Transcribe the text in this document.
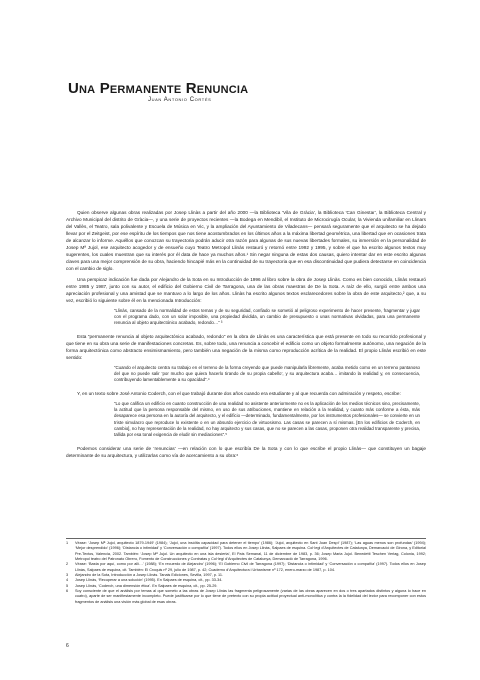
Una Permanente Renuncia

Juan Antonio Cortés

Quien observe algunas obras realizadas por Josep Llinàs a partir del año 2000 —la Biblioteca 'Vila de Gràcia', la Biblioteca 'Can Ginestar', la Biblioteca Central y Archivo Municipal del distrito de Gràcia—, y una serie de proyectos recientes —la Bodega en Mendibil, el Instituto de Microcirugía Ocular, la Vivienda unifamiliar en Llinars del Vallès, el Teatro, sala polivalente y Escuela de Música en Vic, y la ampliación del Ayuntamiento de Viladecans— pensará seguramente que el arquitecto se ha dejado llevar por el Zeitgeist, por ese espíritu de los tiempos que nos tiene acostumbrados en los últimos años a la máxima libertad geométrica, una libertad que en ocasiones trata de alcanzar lo informe. Aquéllos que conozcan su trayectoria podrán aducir otra razón para algunas de sus nuevas libertades formales, su inmersión en la personalidad de Josep Mª Jujol, ese arquitecto acogedor y de ensueño cuyo Teatro Metropol Llinàs restauró y retornó entre 1992 y 1995, y sobre el que ha escrito algunos textos muy sugerentes, los cuales muestran que su interés por él data de hace ya muchos años.¹ Sin negar ninguna de estas dos causas, quiero intentar dar en este escrito algunas claves para una mejor comprensión de su obra, haciendo hincapié más en la continuidad de su trayectoria que en esa discontinuidad que pudiera detectarse en coincidencia con el cambio de siglo.

Una perspicaz indicación fue dada por Alejandro de la Sota en su Introducción de 1996 al libro sobre la obra de Josep Llinàs. Como es bien conocido, Llinàs restauró entre 1985 y 1987, junto con su autor, el edificio del Gobierno Civil de Tarragona, una de las obras maestras de De la Sota. A raíz de ello, surgió entre ambos una apreciación profesional y una amistad que se mantuvo a lo largo de los años. Llinàs ha escrito algunos textos esclarecedores sobre la obra de este arquitecto,² que, a su vez, escribió lo siguiente sobre él en la mencionada Introducción:

“Llinàs, cansado de la normalidad de estos temas y de su seguridad, confiado se sometió al peligroso experimento de hacer presente, fragmentar y jugar con el programa dado, con un solar imposible, una propiedad dividida, un cambio de presupuesto o unas normativas olvidadas, para una permanente renuncia al objeto arquitectónico acabado, redondo…” ³

Esta “permanente renuncia al objeto arquitectónico acabado, redondo” en la obra de Llinàs es una característica que está presente en todo su recorrido profesional y que tiene en su obra una serie de manifestaciones concretas. Es, sobre todo, una renuncia a concebir el edificio como un objeto formalmente autónomo, una negación de la forma arquitectónica como abstracto ensimismamiento, pero también una negación de la misma como reproducción acrítica de la realidad. El propio Llinàs escribió en este sentido:

“Cuando el arquitecto centra su trabajo en el terreno de la forma creyendo que puede manipularla libremente, acaba metido como en un terreno pantanoso del que no puede salir ‘por mucho que quiera hacerlo tirando de su propia cabello’, y su arquitectura acaba… imitando la realidad y, en consecuencia, contribuyendo lamentablemente a su opacidad”.⁴

Y, en un texto sobre José Antonio Coderch, con el que trabajó durante dos años cuando era estudiante y al que recuerda con admiración y respeto, escribe:

“Lo que califica un edificio en cuanto construcción de una realidad no asistente anteriormente no es la aplicación de los medios técnicos sino, precisamente, la actitud que la persona responsable del mismo, en uso de sus atribuciones, mantiene en relación a la realidad, y cuanto más conforme a ésta, más desaparece esa persona en la autoría del arquitecto, y el edificio —determinado, fundamentalmente, por los instrumentos profesionales— se convierte en un triste simulacro que reproduce lo existente o en un absurdo ejercicio de virtuosismo. Las casas se parecen a sí mismas. [En los edificios de Coderch, en cambio], no hay representación de la realidad, no hay arquitecto y sus casas, que no se parecen a las casas, proponen otra realidad transparente y precisa, tallida por esa tonal exigencia de eludir sin mediaciones”.⁵

Podemos considerar una serie de ‘renuncias’ —en relación con lo que escribía De la Sota y con lo que escribe el propio Llinàs— que constituyen un bagaje determinante de su arquitectura, y utilizarlas como vía de acercamiento a su obra:⁶

1 Véase: ‘Josep Mª Jujol, arquitecto 1879-1949’ (1984); ‘Jujol, una insólita capacidad para detener el tiempo’ (1986); ‘Jujol, arquitecto en Sant Joan Despí’ (1987); ‘Las aguas menos son profundas’ (1994); ‘Mejor desprendido’ (1996); ‘Distancia o intimidad’ y ‘Conversación o compañía’ (1997). Todos ellos en Josep Llinàs, Salpaes de esquina. Col·legi d’Arquitectes de Catalunya, Demarcació de Girona, y Editorial Pre-Textos, Valencia, 2002. También: ‘Josep Mª Jujol. Un arquitecto en una isla desierta’, El País Semanal, 11 de diciembre de 1983, p. 36; Josep Maria Jujol. Benedetti Teschen Verlag, Colonia, 1992; Metropol teatro del Patronato Obrero, Fomento de Construcciones y Contratas y Col·legi d’Arquitectes de Catalunya, Demarcació de Tarragona, 1996.
2 Véase: ‘Basta por aquí, como por allí…’ (1988); ‘En recuerdo de Alejandro’ (1996); ‘El Gobierno Civil de Tarragona (1997); ‘Distancia o intimidad’ y ‘Conversación o compañía’ (1997). Todos ellos en Josep Llinàs, Salpaes de esquina, cit. También: El Croquis nº 29, julio de 1987, p. 42; Cuaderno d’Arquitectura i Urbanisme nº 172, enero-marzo de 1987, p. 104.
3 Alejandro de la Sota, Introducción a Josep Llinàs. Tanais Ediciones, Sevilla, 1997, p. 11.
4 Josep Llinàs, ‘Recuperar a una solución’ (1995). En Salpaes de esquina, cit., pp. 33-34.
5 Josep Llinàs, ‘Coderch, una dimensión ética’. En Salpaes de esquina, cit., pp. 25-29.
6 Soy consciente de que el análisis por temas al que someto a las obras de Josep Llinàs las fragmenta peligrosamente (varias de las obras aparecen en dos o tres apartados distintos y alguna lo hace en cuatro), aparte de ser manifiestamente incompleto. Puede justificarse por lo que tiene de pretexto con su propia actitud proyectual anti-monolítica y contra la la fidelidad del lector para recomponer con estos fragmentos de análisis una visión más global de esas obras.

6
